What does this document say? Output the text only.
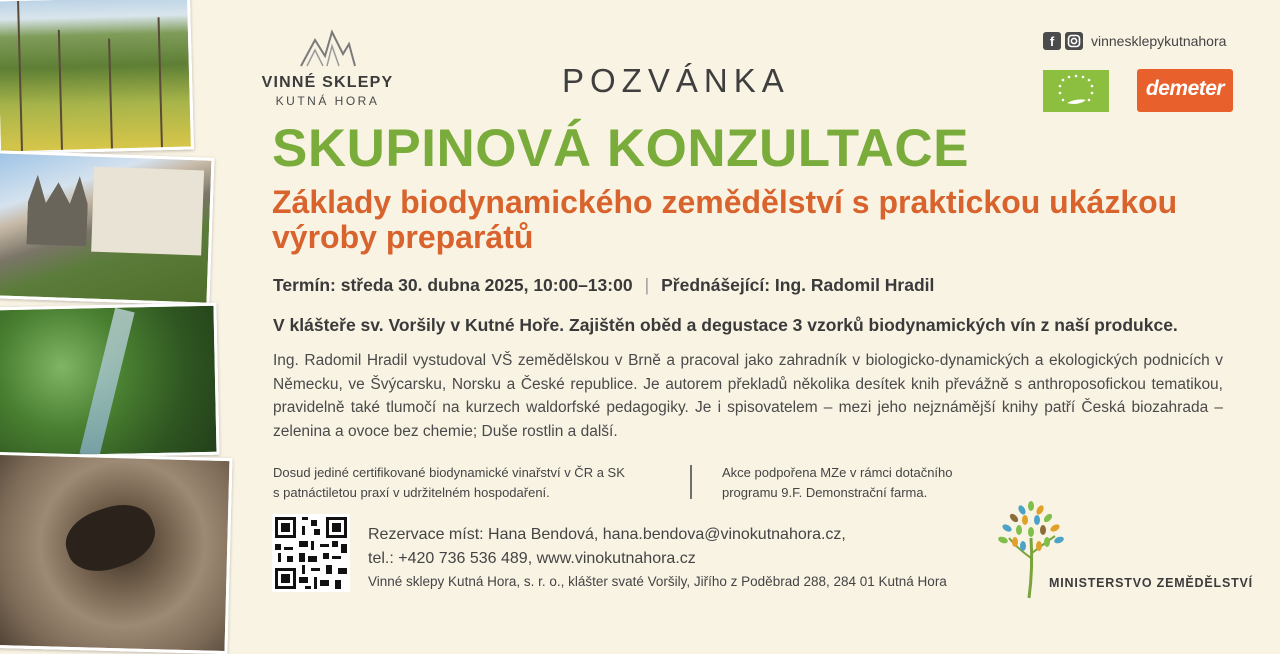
VINNÉ SKLEPY
KUTNÁ HORA
POZVÁNKA
f	vinnesklepykutnahora
demeter
SKUPINOVÁ KONZULTACE
Základy biodynamického zemědělství s praktickou ukázkou výroby preparátů
Termín: středa 30. dubna 2025, 10:00–13:00 | Přednášející: Ing. Radomil Hradil
V klášteře sv. Voršily v Kutné Hoře. Zajištěn oběd a degustace 3 vzorků biodynamických vín z naší produkce.
Ing. Radomil Hradil vystudoval VŠ zemědělskou v Brně a pracoval jako zahradník v biologicko-dynamických a ekologických podnicích v Německu, ve Švýcarsku, Norsku a České republice. Je autorem překladů několika desítek knih převážně s anthroposofickou tematikou, pravidelně také tlumočí na kurzech waldorfské pedagogiky. Je i spisovatelem – mezi jeho nejznámější knihy patří Česká biozahrada – zelenina a ovoce bez chemie; Duše rostlin a další.
Dosud jediné certifikované biodynamické vinařství v ČR a SK
s patnáctiletou praxí v udržitelném hospodaření.
Akce podpořena MZe v rámci dotačního
programu 9.F. Demonstrační farma.
Rezervace míst: Hana Bendová, hana.bendova@vinokutnahora.cz,
tel.: +420 736 536 489, www.vinokutnahora.cz
Vinné sklepy Kutná Hora, s. r. o., klášter svaté Voršily, Jiřího z Poděbrad 288, 284 01 Kutná Hora	MINISTERSTVO ZEMĚDĚLSTVÍ
